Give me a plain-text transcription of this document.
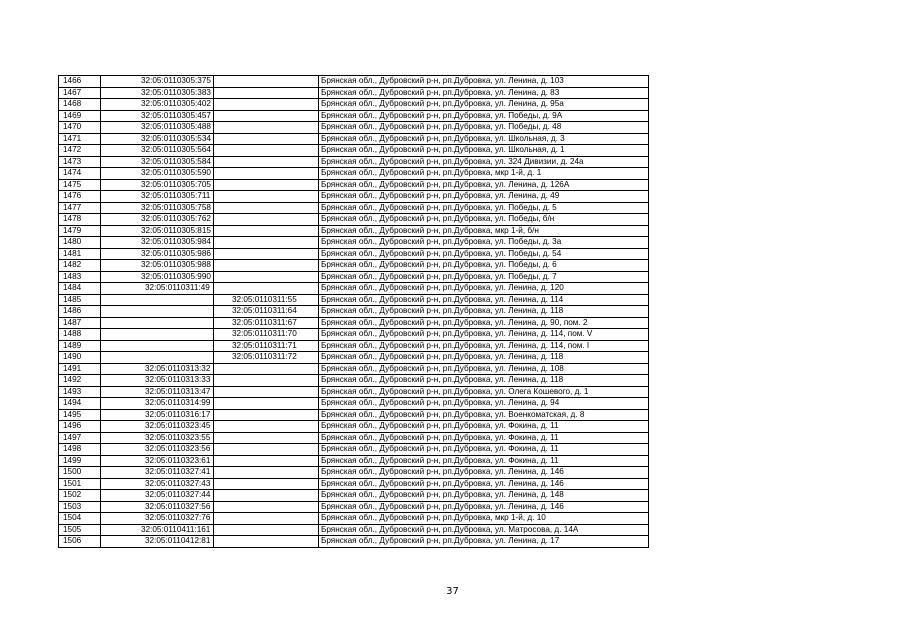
1466	32:05:0110305:375		Брянская обл., Дубровский р-н, рп.Дубровка, ул. Ленина, д. 103
1467	32:05:0110305:383		Брянская обл., Дубровский р-н, рп.Дубровка, ул. Ленина, д. 83
1468	32:05:0110305:402		Брянская обл., Дубровский р-н, рп.Дубровка, ул. Ленина, д. 95а
1469	32:05:0110305:457		Брянская обл., Дубровский р-н, рп.Дубровка, ул. Победы, д. 9А
1470	32:05:0110305:488		Брянская обл., Дубровский р-н, рп.Дубровка, ул. Победы, д. 48
1471	32:05:0110305:534		Брянская обл., Дубровский р-н, рп.Дубровка, ул. Школьная, д. 3
1472	32:05:0110305:564		Брянская обл., Дубровский р-н, рп.Дубровка, ул. Школьная, д. 1
1473	32:05:0110305:584		Брянская обл., Дубровский р-н, рп.Дубровка, ул. 324 Дивизии, д. 24а
1474	32:05:0110305:590		Брянская обл., Дубровский р-н, рп.Дубровка, мкр 1-й, д. 1
1475	32:05:0110305:705		Брянская обл., Дубровский р-н, рп.Дубровка, ул. Ленина, д. 126А
1476	32:05:0110305:711		Брянская обл., Дубровский р-н, рп.Дубровка, ул. Ленина, д. 49
1477	32:05:0110305:758		Брянская обл., Дубровский р-н, рп.Дубровка, ул. Победы, д. 5
1478	32:05:0110305:762		Брянская обл., Дубровский р-н, рп.Дубровка, ул. Победы, б/н
1479	32:05:0110305:815		Брянская обл., Дубровский р-н, рп.Дубровка, мкр 1-й, б/н
1480	32:05:0110305:984		Брянская обл., Дубровский р-н, рп.Дубровка, ул. Победы, д. 3а
1481	32:05:0110305:986		Брянская обл., Дубровский р-н, рп.Дубровка, ул. Победы, д. 54
1482	32:05:0110305:988		Брянская обл., Дубровский р-н, рп.Дубровка, ул. Победы, д. 6
1483	32:05:0110305:990		Брянская обл., Дубровский р-н, рп.Дубровка, ул. Победы, д. 7
1484	32:05:0110311:49		Брянская обл., Дубровский р-н, рп.Дубровка, ул. Ленина, д. 120
1485		32:05:0110311:55	Брянская обл., Дубровский р-н, рп.Дубровка, ул. Ленина, д. 114
1486		32:05:0110311:64	Брянская обл., Дубровский р-н, рп.Дубровка, ул. Ленина, д. 118
1487		32:05:0110311:67	Брянская обл., Дубровский р-н, рп.Дубровка, ул. Ленина, д. 90, пом. 2
1488		32:05:0110311:70	Брянская обл., Дубровский р-н, рп.Дубровка, ул. Ленина, д. 114, пом. V
1489		32:05:0110311:71	Брянская обл., Дубровский р-н, рп.Дубровка, ул. Ленина, д. 114, пом. I
1490		32:05:0110311:72	Брянская обл., Дубровский р-н, рп.Дубровка, ул. Ленина, д. 118
1491	32:05:0110313:32		Брянская обл., Дубровский р-н, рп.Дубровка, ул. Ленина, д. 108
1492	32:05:0110313:33		Брянская обл., Дубровский р-н, рп.Дубровка, ул. Ленина, д. 118
1493	32:05:0110313:47		Брянская обл., Дубровский р-н, рп.Дубровка, ул. Олега Кошевого, д. 1
1494	32:05:0110314:99		Брянская обл., Дубровский р-н, рп.Дубровка, ул. Ленина, д. 94
1495	32:05:0110316:17		Брянская обл., Дубровский р-н, рп.Дубровка, ул. Военкоматская, д. 8
1496	32:05:0110323:45		Брянская обл., Дубровский р-н, рп.Дубровка, ул. Фокина, д. 11
1497	32:05:0110323:55		Брянская обл., Дубровский р-н, рп.Дубровка, ул. Фокина, д. 11
1498	32:05:0110323:56		Брянская обл., Дубровский р-н, рп.Дубровка, ул. Фокина, д. 11
1499	32:05:0110323:61		Брянская обл., Дубровский р-н, рп.Дубровка, ул. Фокина, д. 11
1500	32:05:0110327:41		Брянская обл., Дубровский р-н, рп.Дубровка, ул. Ленина, д. 146
1501	32:05:0110327:43		Брянская обл., Дубровский р-н, рп.Дубровка, ул. Ленина, д. 146
1502	32:05:0110327:44		Брянская обл., Дубровский р-н, рп.Дубровка, ул. Ленина, д. 148
1503	32:05:0110327:56		Брянская обл., Дубровский р-н, рп.Дубровка, ул. Ленина, д. 146
1504	32:05:0110327:76		Брянская обл., Дубровский р-н, рп.Дубровка, мкр 1-й, д. 10
1505	32:05:0110411:161		Брянская обл., Дубровский р-н, рп.Дубровка, ул. Матросова, д. 14А
1506	32:05:0110412:81		Брянская обл., Дубровский р-н, рп.Дубровка, ул. Ленина, д. 17
37
